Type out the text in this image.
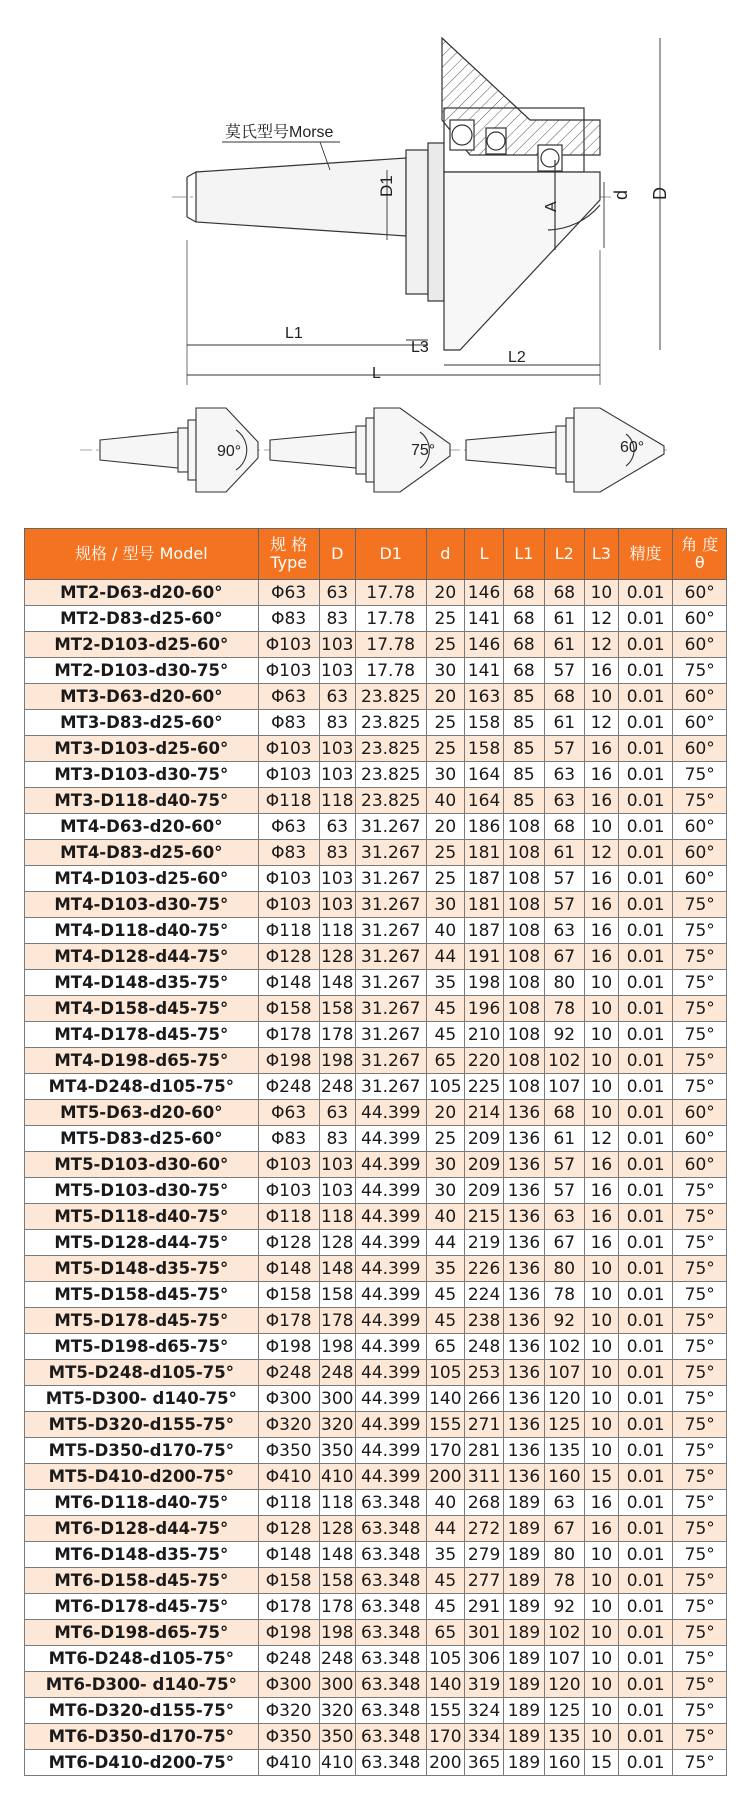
莫氏型号Morse
D1
L1
L3
L
L2
A
d D
90°	75°	60°
规格 / 型号 Model	规 格
Type	D	D1	d	L	L1	L2	L3	精度	角 度
θ
MT2-D63-d20-60°	Φ63	63	17.78	20	146	68	68	10	0.01	60°
MT2-D83-d25-60°	Φ83	83	17.78	25	141	68	61	12	0.01	60°
MT2-D103-d25-60°	Φ103	103	17.78	25	146	68	61	12	0.01	60°
MT2-D103-d30-75°	Φ103	103	17.78	30	141	68	57	16	0.01	75°
MT3-D63-d20-60°	Φ63	63	23.825	20	163	85	68	10	0.01	60°
MT3-D83-d25-60°	Φ83	83	23.825	25	158	85	61	12	0.01	60°
MT3-D103-d25-60°	Φ103	103	23.825	25	158	85	57	16	0.01	60°
MT3-D103-d30-75°	Φ103	103	23.825	30	164	85	63	16	0.01	75°
MT3-D118-d40-75°	Φ118	118	23.825	40	164	85	63	16	0.01	75°
MT4-D63-d20-60°	Φ63	63	31.267	20	186	108	68	10	0.01	60°
MT4-D83-d25-60°	Φ83	83	31.267	25	181	108	61	12	0.01	60°
MT4-D103-d25-60°	Φ103	103	31.267	25	187	108	57	16	0.01	60°
MT4-D103-d30-75°	Φ103	103	31.267	30	181	108	57	16	0.01	75°
MT4-D118-d40-75°	Φ118	118	31.267	40	187	108	63	16	0.01	75°
MT4-D128-d44-75°	Φ128	128	31.267	44	191	108	67	16	0.01	75°
MT4-D148-d35-75°	Φ148	148	31.267	35	198	108	80	10	0.01	75°
MT4-D158-d45-75°	Φ158	158	31.267	45	196	108	78	10	0.01	75°
MT4-D178-d45-75°	Φ178	178	31.267	45	210	108	92	10	0.01	75°
MT4-D198-d65-75°	Φ198	198	31.267	65	220	108	102	10	0.01	75°
MT4-D248-d105-75°	Φ248	248	31.267	105	225	108	107	10	0.01	75°
MT5-D63-d20-60°	Φ63	63	44.399	20	214	136	68	10	0.01	60°
MT5-D83-d25-60°	Φ83	83	44.399	25	209	136	61	12	0.01	60°
MT5-D103-d30-60°	Φ103	103	44.399	30	209	136	57	16	0.01	60°
MT5-D103-d30-75°	Φ103	103	44.399	30	209	136	57	16	0.01	75°
MT5-D118-d40-75°	Φ118	118	44.399	40	215	136	63	16	0.01	75°
MT5-D128-d44-75°	Φ128	128	44.399	44	219	136	67	16	0.01	75°
MT5-D148-d35-75°	Φ148	148	44.399	35	226	136	80	10	0.01	75°
MT5-D158-d45-75°	Φ158	158	44.399	45	224	136	78	10	0.01	75°
MT5-D178-d45-75°	Φ178	178	44.399	45	238	136	92	10	0.01	75°
MT5-D198-d65-75°	Φ198	198	44.399	65	248	136	102	10	0.01	75°
MT5-D248-d105-75°	Φ248	248	44.399	105	253	136	107	10	0.01	75°
MT5-D300- d140-75°	Φ300	300	44.399	140	266	136	120	10	0.01	75°
MT5-D320-d155-75°	Φ320	320	44.399	155	271	136	125	10	0.01	75°
MT5-D350-d170-75°	Φ350	350	44.399	170	281	136	135	10	0.01	75°
MT5-D410-d200-75°	Φ410	410	44.399	200	311	136	160	15	0.01	75°
MT6-D118-d40-75°	Φ118	118	63.348	40	268	189	63	16	0.01	75°
MT6-D128-d44-75°	Φ128	128	63.348	44	272	189	67	16	0.01	75°
MT6-D148-d35-75°	Φ148	148	63.348	35	279	189	80	10	0.01	75°
MT6-D158-d45-75°	Φ158	158	63.348	45	277	189	78	10	0.01	75°
MT6-D178-d45-75°	Φ178	178	63.348	45	291	189	92	10	0.01	75°
MT6-D198-d65-75°	Φ198	198	63.348	65	301	189	102	10	0.01	75°
MT6-D248-d105-75°	Φ248	248	63.348	105	306	189	107	10	0.01	75°
MT6-D300- d140-75°	Φ300	300	63.348	140	319	189	120	10	0.01	75°
MT6-D320-d155-75°	Φ320	320	63.348	155	324	189	125	10	0.01	75°
MT6-D350-d170-75°	Φ350	350	63.348	170	334	189	135	10	0.01	75°
MT6-D410-d200-75°	Φ410	410	63.348	200	365	189	160	15	0.01	75°
